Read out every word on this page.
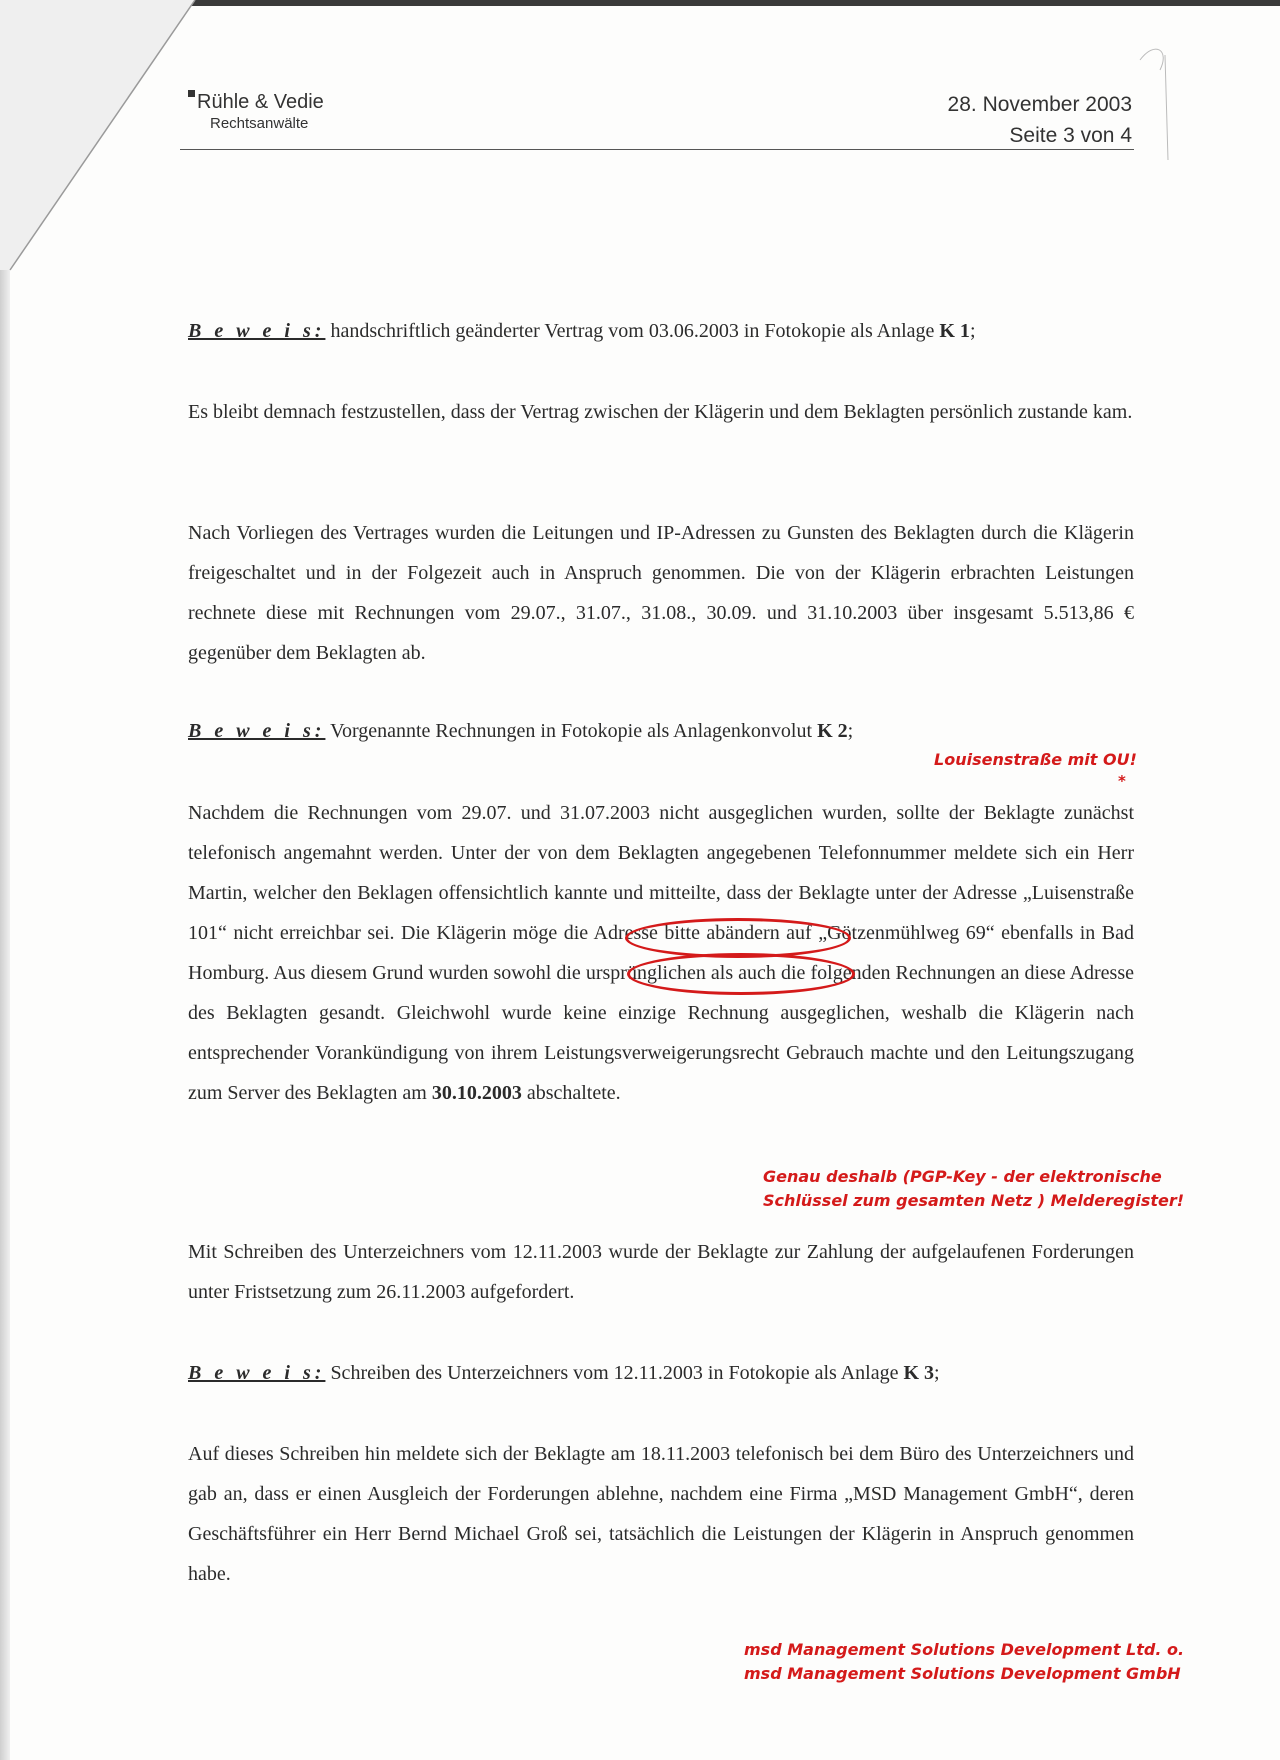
Rühle & Vedie
Rechtsanwälte
28. November 2003
Seite 3 von 4
B e w e i s: handschriftlich geänderter Vertrag vom 03.06.2003 in Fotokopie als Anlage K 1;
Es bleibt demnach festzustellen, dass der Vertrag zwischen der Klägerin und dem Beklagten persönlich zustande kam.
Nach Vorliegen des Vertrages wurden die Leitungen und IP-Adressen zu Gunsten des Beklagten durch die Klägerin freigeschaltet und in der Folgezeit auch in Anspruch genommen. Die von der Klägerin erbrachten Leistungen rechnete diese mit Rechnungen vom 29.07., 31.07., 31.08., 30.09. und 31.10.2003 über insgesamt 5.513,86 € gegenüber dem Beklagten ab.
B e w e i s: Vorgenannte Rechnungen in Fotokopie als Anlagenkonvolut K 2;
Louisenstraße mit OU!
*
Nachdem die Rechnungen vom 29.07. und 31.07.2003 nicht ausgeglichen wurden, sollte der Beklagte zunächst telefonisch angemahnt werden. Unter der von dem Beklagten angegebenen Telefonnummer meldete sich ein Herr Martin, welcher den Beklagen offensichtlich kannte und mitteilte, dass der Beklagte unter der Adresse „Luisenstraße 101“ nicht erreichbar sei. Die Klägerin möge die Adresse bitte abändern auf „Götzenmühlweg 69“ ebenfalls in Bad Homburg. Aus diesem Grund wurden sowohl die ursprünglichen als auch die folgenden Rechnungen an diese Adresse des Beklagten gesandt. Gleichwohl wurde keine einzige Rechnung ausgeglichen, weshalb die Klägerin nach entsprechender Vorankündigung von ihrem Leistungsverweigerungsrecht Gebrauch machte und den Leitungszugang zum Server des Beklagten am 30.10.2003 abschaltete.
Genau deshalb (PGP-Key - der elektronische
Schlüssel zum gesamten Netz ) Melderegister!
Mit Schreiben des Unterzeichners vom 12.11.2003 wurde der Beklagte zur Zahlung der aufgelaufenen Forderungen unter Fristsetzung zum 26.11.2003 aufgefordert.
B e w e i s: Schreiben des Unterzeichners vom 12.11.2003 in Fotokopie als Anlage K 3;
Auf dieses Schreiben hin meldete sich der Beklagte am 18.11.2003 telefonisch bei dem Büro des Unterzeichners und gab an, dass er einen Ausgleich der Forderungen ablehne, nachdem eine Firma „MSD Management GmbH“, deren Geschäftsführer ein Herr Bernd Michael Groß sei, tatsächlich die Leistungen der Klägerin in Anspruch genommen habe.
msd Management Solutions Development Ltd. o.
msd Management Solutions Development GmbH
